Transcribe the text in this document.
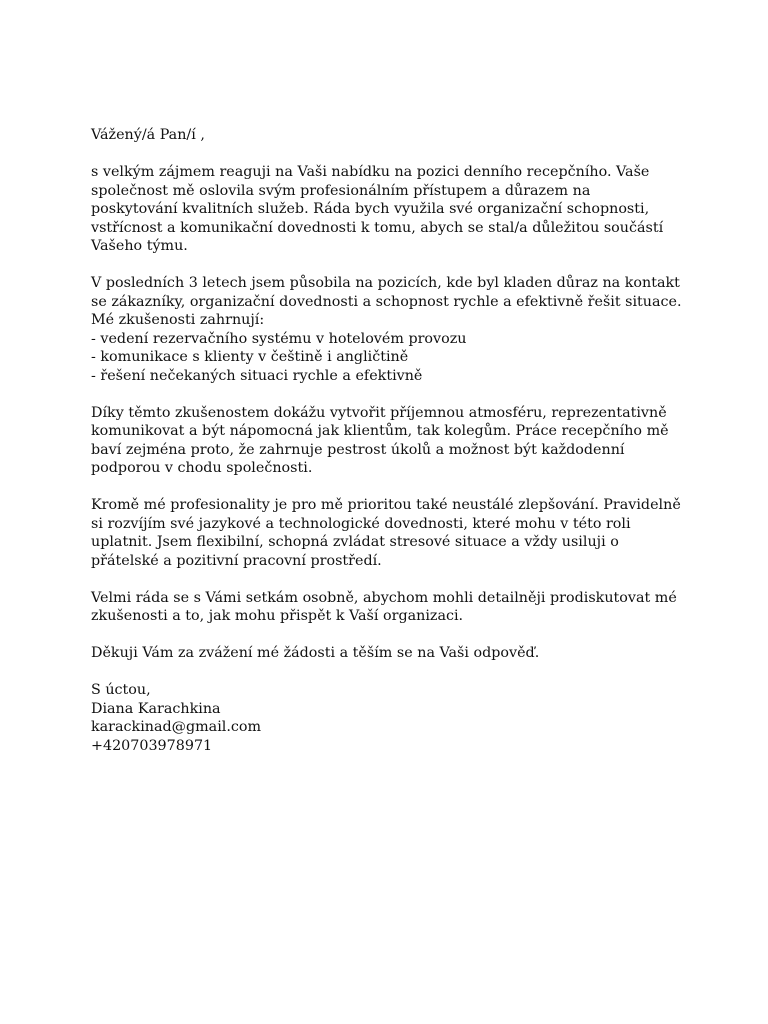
Vážený/á Pan/í ,
s velkým zájmem reaguji na Vaši nabídku na pozici denního recepčního. Vaše
společnost mě oslovila svým profesionálním přístupem a důrazem na
poskytování kvalitních služeb. Ráda bych využila své organizační schopnosti,
vstřícnost a komunikační dovednosti k tomu, abych se stal/a důležitou součástí
Vašeho týmu.
V posledních 3 letech jsem působila na pozicích, kde byl kladen důraz na kontakt
se zákazníky, organizační dovednosti a schopnost rychle a efektivně řešit situace.
Mé zkušenosti zahrnují:
- vedení rezervačního systému v hotelovém provozu
- komunikace s klienty v češtině i angličtině
- řešení nečekaných situaci rychle a efektivně
Díky těmto zkušenostem dokážu vytvořit příjemnou atmosféru, reprezentativně
komunikovat a být nápomocná jak klientům, tak kolegům. Práce recepčního mě
baví zejména proto, že zahrnuje pestrost úkolů a možnost být každodenní
podporou v chodu společnosti.
Kromě mé profesionality je pro mě prioritou také neustálé zlepšování. Pravidelně
si rozvíjím své jazykové a technologické dovednosti, které mohu v této roli
uplatnit. Jsem flexibilní, schopná zvládat stresové situace a vždy usiluji o
přátelské a pozitivní pracovní prostředí.
Velmi ráda se s Vámi setkám osobně, abychom mohli detailněji prodiskutovat mé
zkušenosti a to, jak mohu přispět k Vaší organizaci.
Děkuji Vám za zvážení mé žádosti a těším se na Vaši odpověď.
S úctou,
Diana Karachkina
karackinad@gmail.com
+420703978971
